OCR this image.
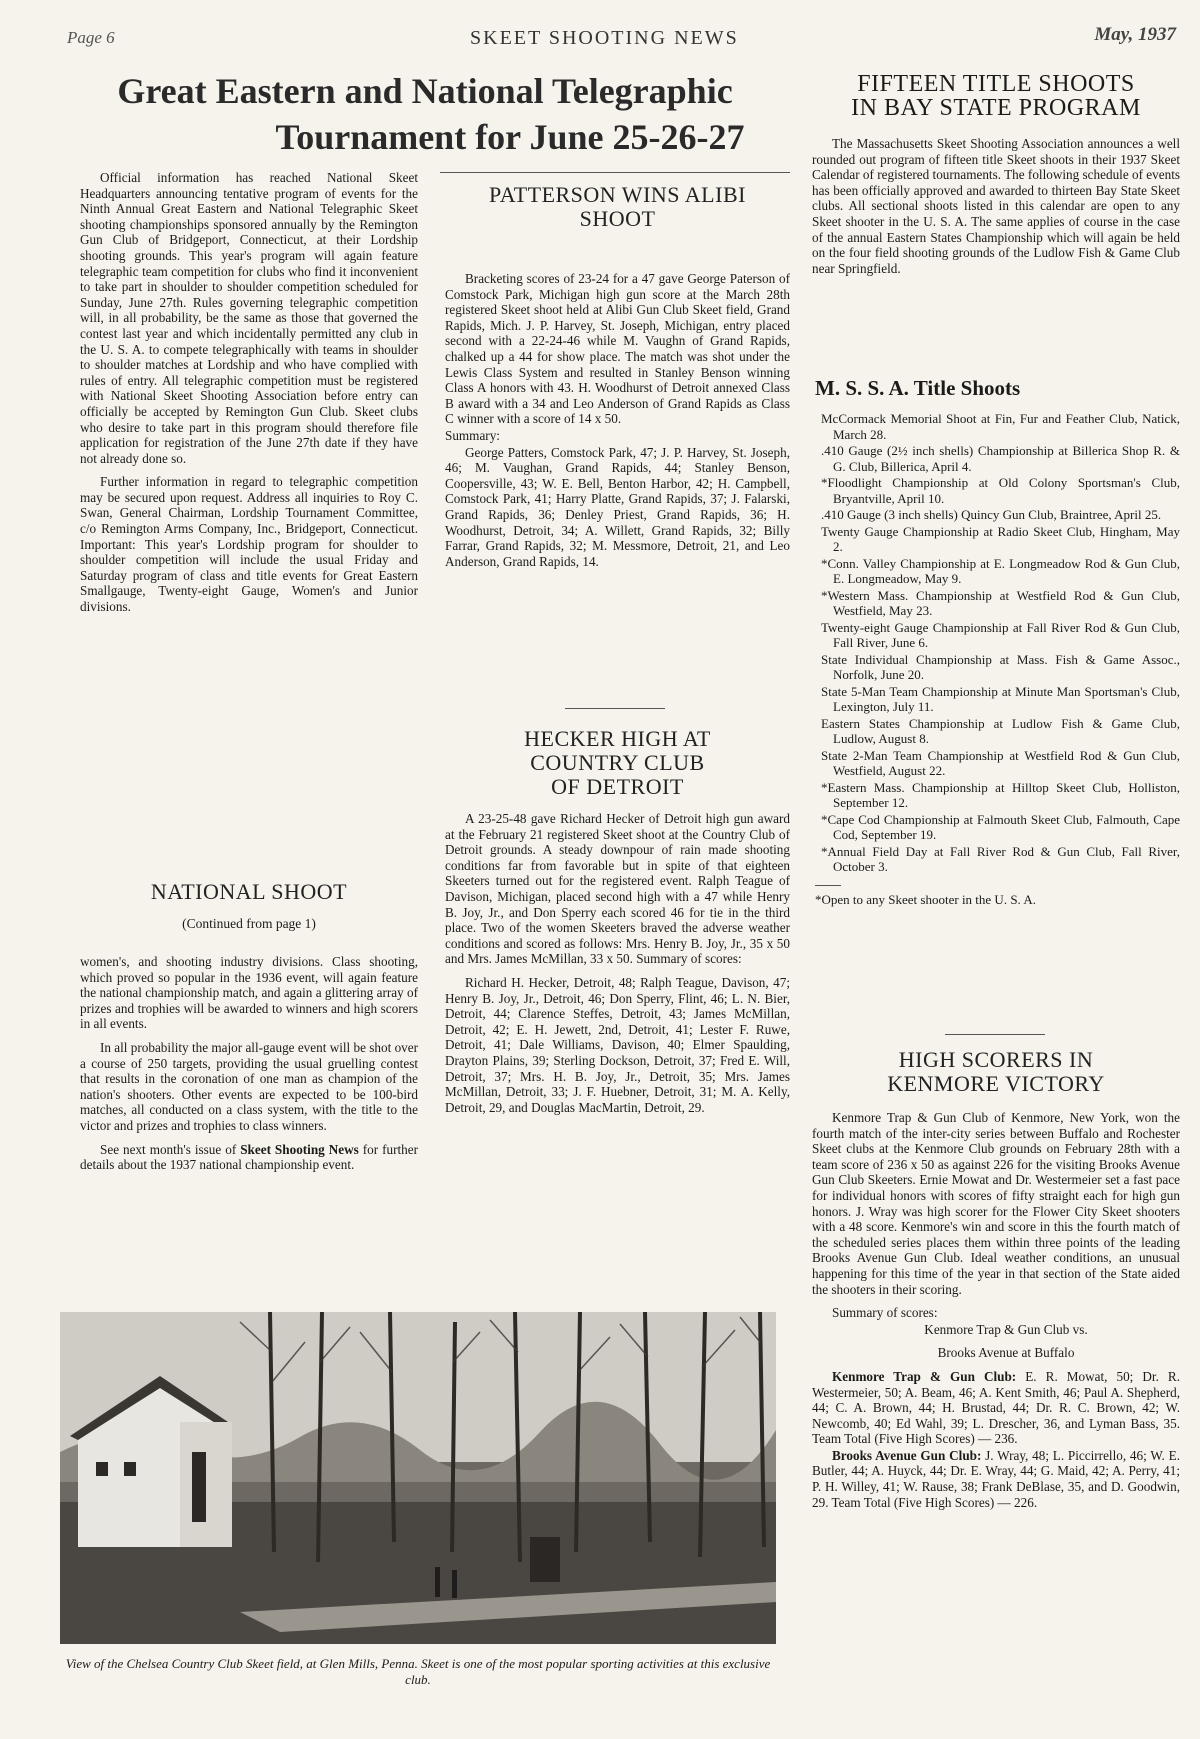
Page 6	SKEET SHOOTING NEWS	May, 1937
Great Eastern and National Telegraphic
Tournament for June 25-26-27

Official information has reached National Skeet Headquarters announcing tentative program of events for the Ninth Annual Great Eastern and National Telegraphic Skeet shooting championships sponsored annually by the Remington Gun Club of Bridgeport, Connecticut, at their Lordship shooting grounds. This year's program will again feature telegraphic team competition for clubs who find it inconvenient to take part in shoulder to shoulder competition scheduled for Sunday, June 27th. Rules governing telegraphic competition will, in all probability, be the same as those that governed the contest last year and which incidentally permitted any club in the U. S. A. to compete telegraphically with teams in shoulder to shoulder matches at Lordship and who have complied with rules of entry. All telegraphic competition must be registered with National Skeet Shooting Association before entry can officially be accepted by Remington Gun Club. Skeet clubs who desire to take part in this program should therefore file application for registration of the June 27th date if they have not already done so.

Further information in regard to telegraphic competition may be secured upon request. Address all inquiries to Roy C. Swan, General Chairman, Lordship Tournament Committee, c/o Remington Arms Company, Inc., Bridgeport, Connecticut. Important: This year's Lordship program for shoulder to shoulder competition will include the usual Friday and Saturday program of class and title events for Great Eastern Smallgauge, Twenty-eight Gauge, Women's and Junior divisions.

NATIONAL SHOOT
(Continued from page 1)

women's, and shooting industry divisions. Class shooting, which proved so popular in the 1936 event, will again feature the national championship match, and again a glittering array of prizes and trophies will be awarded to winners and high scorers in all events.

In all probability the major all-gauge event will be shot over a course of 250 targets, providing the usual gruelling contest that results in the coronation of one man as champion of the nation's shooters. Other events are expected to be 100-bird matches, all conducted on a class system, with the title to the victor and prizes and trophies to class winners.

See next month's issue of Skeet Shooting News for further details about the 1937 national championship event.

PATTERSON WINS ALIBI SHOOT

Bracketing scores of 23-24 for a 47 gave George Paterson of Comstock Park, Michigan high gun score at the March 28th registered Skeet shoot held at Alibi Gun Club Skeet field, Grand Rapids, Mich. J. P. Harvey, St. Joseph, Michigan, entry placed second with a 22-24-46 while M. Vaughn of Grand Rapids, chalked up a 44 for show place. The match was shot under the Lewis Class System and resulted in Stanley Benson winning Class A honors with 43. H. Woodhurst of Detroit annexed Class B award with a 34 and Leo Anderson of Grand Rapids as Class C winner with a score of 14 x 50.

Summary:

George Patters, Comstock Park, 47; J. P. Harvey, St. Joseph, 46; M. Vaughan, Grand Rapids, 44; Stanley Benson, Coopersville, 43; W. E. Bell, Benton Harbor, 42; H. Campbell, Comstock Park, 41; Harry Platte, Grand Rapids, 37; J. Falarski, Grand Rapids, 36; Denley Priest, Grand Rapids, 36; H. Woodhurst, Detroit, 34; A. Willett, Grand Rapids, 32; Billy Farrar, Grand Rapids, 32; M. Messmore, Detroit, 21, and Leo Anderson, Grand Rapids, 14.

HECKER HIGH AT
COUNTRY CLUB
OF DETROIT

A 23-25-48 gave Richard Hecker of Detroit high gun award at the February 21 registered Skeet shoot at the Country Club of Detroit grounds. A steady downpour of rain made shooting conditions far from favorable but in spite of that eighteen Skeeters turned out for the registered event. Ralph Teague of Davison, Michigan, placed second high with a 47 while Henry B. Joy, Jr., and Don Sperry each scored 46 for tie in the third place. Two of the women Skeeters braved the adverse weather conditions and scored as follows: Mrs. Henry B. Joy, Jr., 35 x 50 and Mrs. James McMillan, 33 x 50. Summary of scores:

Richard H. Hecker, Detroit, 48; Ralph Teague, Davison, 47; Henry B. Joy, Jr., Detroit, 46; Don Sperry, Flint, 46; L. N. Bier, Detroit, 44; Clarence Steffes, Detroit, 43; James McMillan, Detroit, 42; E. H. Jewett, 2nd, Detroit, 41; Lester F. Ruwe, Detroit, 41; Dale Williams, Davison, 40; Elmer Spaulding, Drayton Plains, 39; Sterling Dockson, Detroit, 37; Fred E. Will, Detroit, 37; Mrs. H. B. Joy, Jr., Detroit, 35; Mrs. James McMillan, Detroit, 33; J. F. Huebner, Detroit, 31; M. A. Kelly, Detroit, 29, and Douglas MacMartin, Detroit, 29.

FIFTEEN TITLE SHOOTS
IN BAY STATE PROGRAM

The Massachusetts Skeet Shooting Association announces a well rounded out program of fifteen title Skeet shoots in their 1937 Skeet Calendar of registered tournaments. The following schedule of events has been officially approved and awarded to thirteen Bay State Skeet clubs. All sectional shoots listed in this calendar are open to any Skeet shooter in the U. S. A. The same applies of course in the case of the annual Eastern States Championship which will again be held on the four field shooting grounds of the Ludlow Fish & Game Club near Springfield.

M. S. S. A. Title Shoots

McCormack Memorial Shoot at Fin, Fur and Feather Club, Natick, March 28.

.410 Gauge (2½ inch shells) Championship at Billerica Shop R. & G. Club, Billerica, April 4.

*Floodlight Championship at Old Colony Sportsman's Club, Bryantville, April 10.

.410 Gauge (3 inch shells) Quincy Gun Club, Braintree, April 25.

Twenty Gauge Championship at Radio Skeet Club, Hingham, May 2.

*Conn. Valley Championship at E. Longmeadow Rod & Gun Club, E. Longmeadow, May 9.

*Western Mass. Championship at Westfield Rod & Gun Club, Westfield, May 23.

Twenty-eight Gauge Championship at Fall River Rod & Gun Club, Fall River, June 6.

State Individual Championship at Mass. Fish & Game Assoc., Norfolk, June 20.

State 5-Man Team Championship at Minute Man Sportsman's Club, Lexington, July 11.

Eastern States Championship at Ludlow Fish & Game Club, Ludlow, August 8.

State 2-Man Team Championship at Westfield Rod & Gun Club, Westfield, August 22.

*Eastern Mass. Championship at Hilltop Skeet Club, Holliston, September 12.

*Cape Cod Championship at Falmouth Skeet Club, Falmouth, Cape Cod, September 19.

*Annual Field Day at Fall River Rod & Gun Club, Fall River, October 3.

*Open to any Skeet shooter in the U. S. A.
HIGH SCORERS IN
KENMORE VICTORY

Kenmore Trap & Gun Club of Kenmore, New York, won the fourth match of the inter-city series between Buffalo and Rochester Skeet clubs at the Kenmore Club grounds on February 28th with a team score of 236 x 50 as against 226 for the visiting Brooks Avenue Gun Club Skeeters. Ernie Mowat and Dr. Westermeier set a fast pace for individual honors with scores of fifty straight each for high gun honors. J. Wray was high scorer for the Flower City Skeet shooters with a 48 score. Kenmore's win and score in this the fourth match of the scheduled series places them within three points of the leading Brooks Avenue Gun Club. Ideal weather conditions, an unusual happening for this time of the year in that section of the State aided the shooters in their scoring.

Summary of scores:

Kenmore Trap & Gun Club vs.

Brooks Avenue at Buffalo

Kenmore Trap & Gun Club: E. R. Mowat, 50; Dr. R. Westermeier, 50; A. Beam, 46; A. Kent Smith, 46; Paul A. Shepherd, 44; C. A. Brown, 44; H. Brustad, 44; Dr. R. C. Brown, 42; W. Newcomb, 40; Ed Wahl, 39; L. Drescher, 36, and Lyman Bass, 35. Team Total (Five High Scores) — 236.

Brooks Avenue Gun Club: J. Wray, 48; L. Piccirrello, 46; W. E. Butler, 44; A. Huyck, 44; Dr. E. Wray, 44; G. Maid, 42; A. Perry, 41; P. H. Willey, 41; W. Rause, 38; Frank DeBlase, 35, and D. Goodwin, 29. Team Total (Five High Scores) — 226.

View of the Chelsea Country Club Skeet field, at Glen Mills, Penna. Skeet is one of the most popular sporting activities at this exclusive club.
